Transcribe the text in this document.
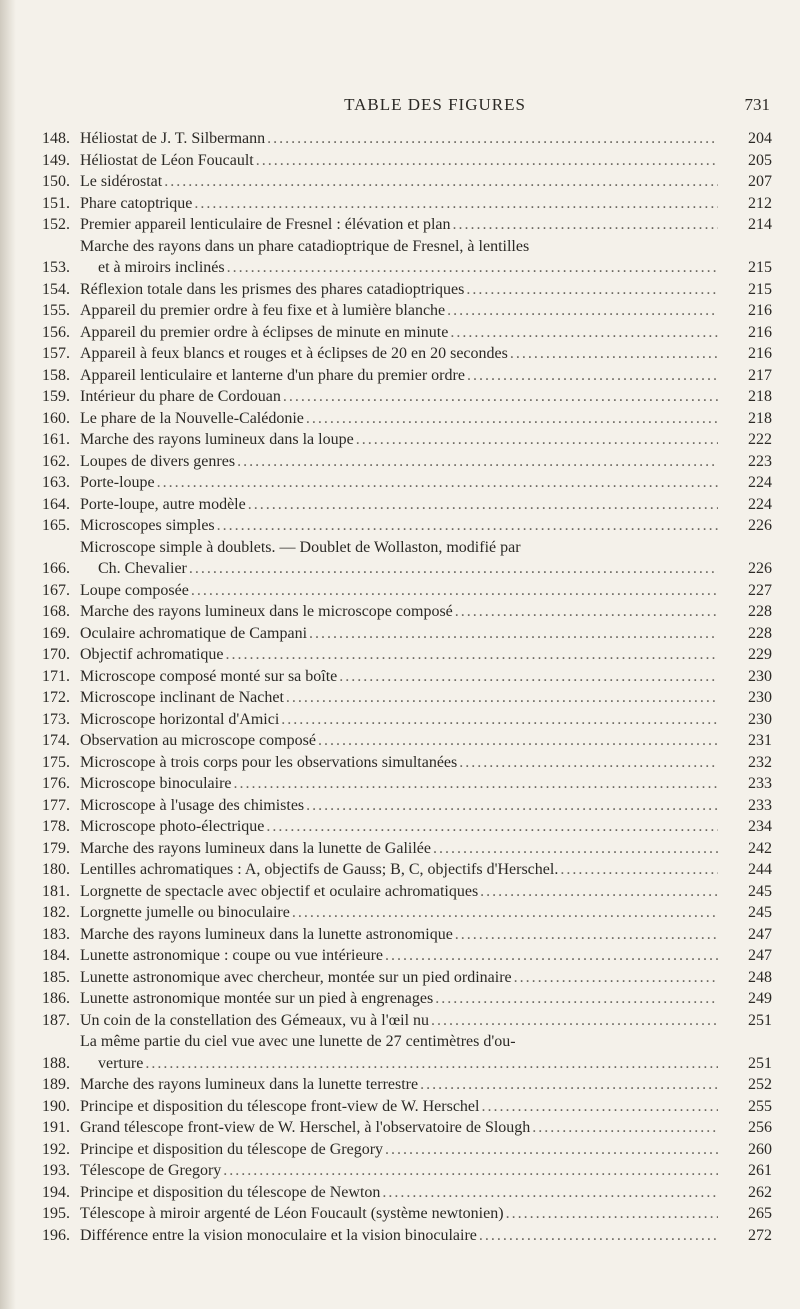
TABLE DES FIGURES	731
148. Héliostat de J. T. Silbermann .....	204
149. Héliostat de Léon Foucault .....	205
150. Le sidérostat .....	207
151. Phare catoptrique .....	212
152. Premier appareil lenticulaire de Fresnel : élévation et plan .....	214
153.
Marche des rayons dans un phare catadioptrique de Fresnel, à lentilles
et à miroirs inclinés .....	215
154. Réflexion totale dans les prismes des phares catadioptriques .....	215
155. Appareil du premier ordre à feu fixe et à lumière blanche .....	216
156. Appareil du premier ordre à éclipses de minute en minute .....	216
157. Appareil à feux blancs et rouges et à éclipses de 20 en 20 secondes .....	216
158. Appareil lenticulaire et lanterne d'un phare du premier ordre .....	217
159. Intérieur du phare de Cordouan .....	218
160. Le phare de la Nouvelle-Calédonie .....	218
161. Marche des rayons lumineux dans la loupe .....	222
162. Loupes de divers genres .....	223
163. Porte-loupe .....	224
164. Porte-loupe, autre modèle .....	224
165. Microscopes simples .....	226
166.
Microscope simple à doublets. — Doublet de Wollaston, modifié par
Ch. Chevalier .....	226
167. Loupe composée .....	227
168. Marche des rayons lumineux dans le microscope composé .....	228
169. Oculaire achromatique de Campani .....	228
170. Objectif achromatique .....	229
171. Microscope composé monté sur sa boîte .....	230
172. Microscope inclinant de Nachet .....	230
173. Microscope horizontal d'Amici .....	230
174. Observation au microscope composé .....	231
175. Microscope à trois corps pour les observations simultanées .....	232
176. Microscope binoculaire .....	233
177. Microscope à l'usage des chimistes .....	233
178. Microscope photo-électrique .....	234
179. Marche des rayons lumineux dans la lunette de Galilée .....	242
180. Lentilles achromatiques : A, objectifs de Gauss; B, C, objectifs d'Herschel. .....	244
181. Lorgnette de spectacle avec objectif et oculaire achromatiques .....	245
182. Lorgnette jumelle ou binoculaire .....	245
183. Marche des rayons lumineux dans la lunette astronomique .....	247
184. Lunette astronomique : coupe ou vue intérieure .....	247
185. Lunette astronomique avec chercheur, montée sur un pied ordinaire .....	248
186. Lunette astronomique montée sur un pied à engrenages .....	249
187. Un coin de la constellation des Gémeaux, vu à l'œil nu .....	251
188.
La même partie du ciel vue avec une lunette de 27 centimètres d'ou-
verture .....	251
189. Marche des rayons lumineux dans la lunette terrestre .....	252
190. Principe et disposition du télescope front-view de W. Herschel .....	255
191. Grand télescope front-view de W. Herschel, à l'observatoire de Slough .....	256
192. Principe et disposition du télescope de Gregory .....	260
193. Télescope de Gregory .....	261
194. Principe et disposition du télescope de Newton .....	262
195. Télescope à miroir argenté de Léon Foucault (système newtonien) .....	265
196. Différence entre la vision monoculaire et la vision binoculaire .....	272
